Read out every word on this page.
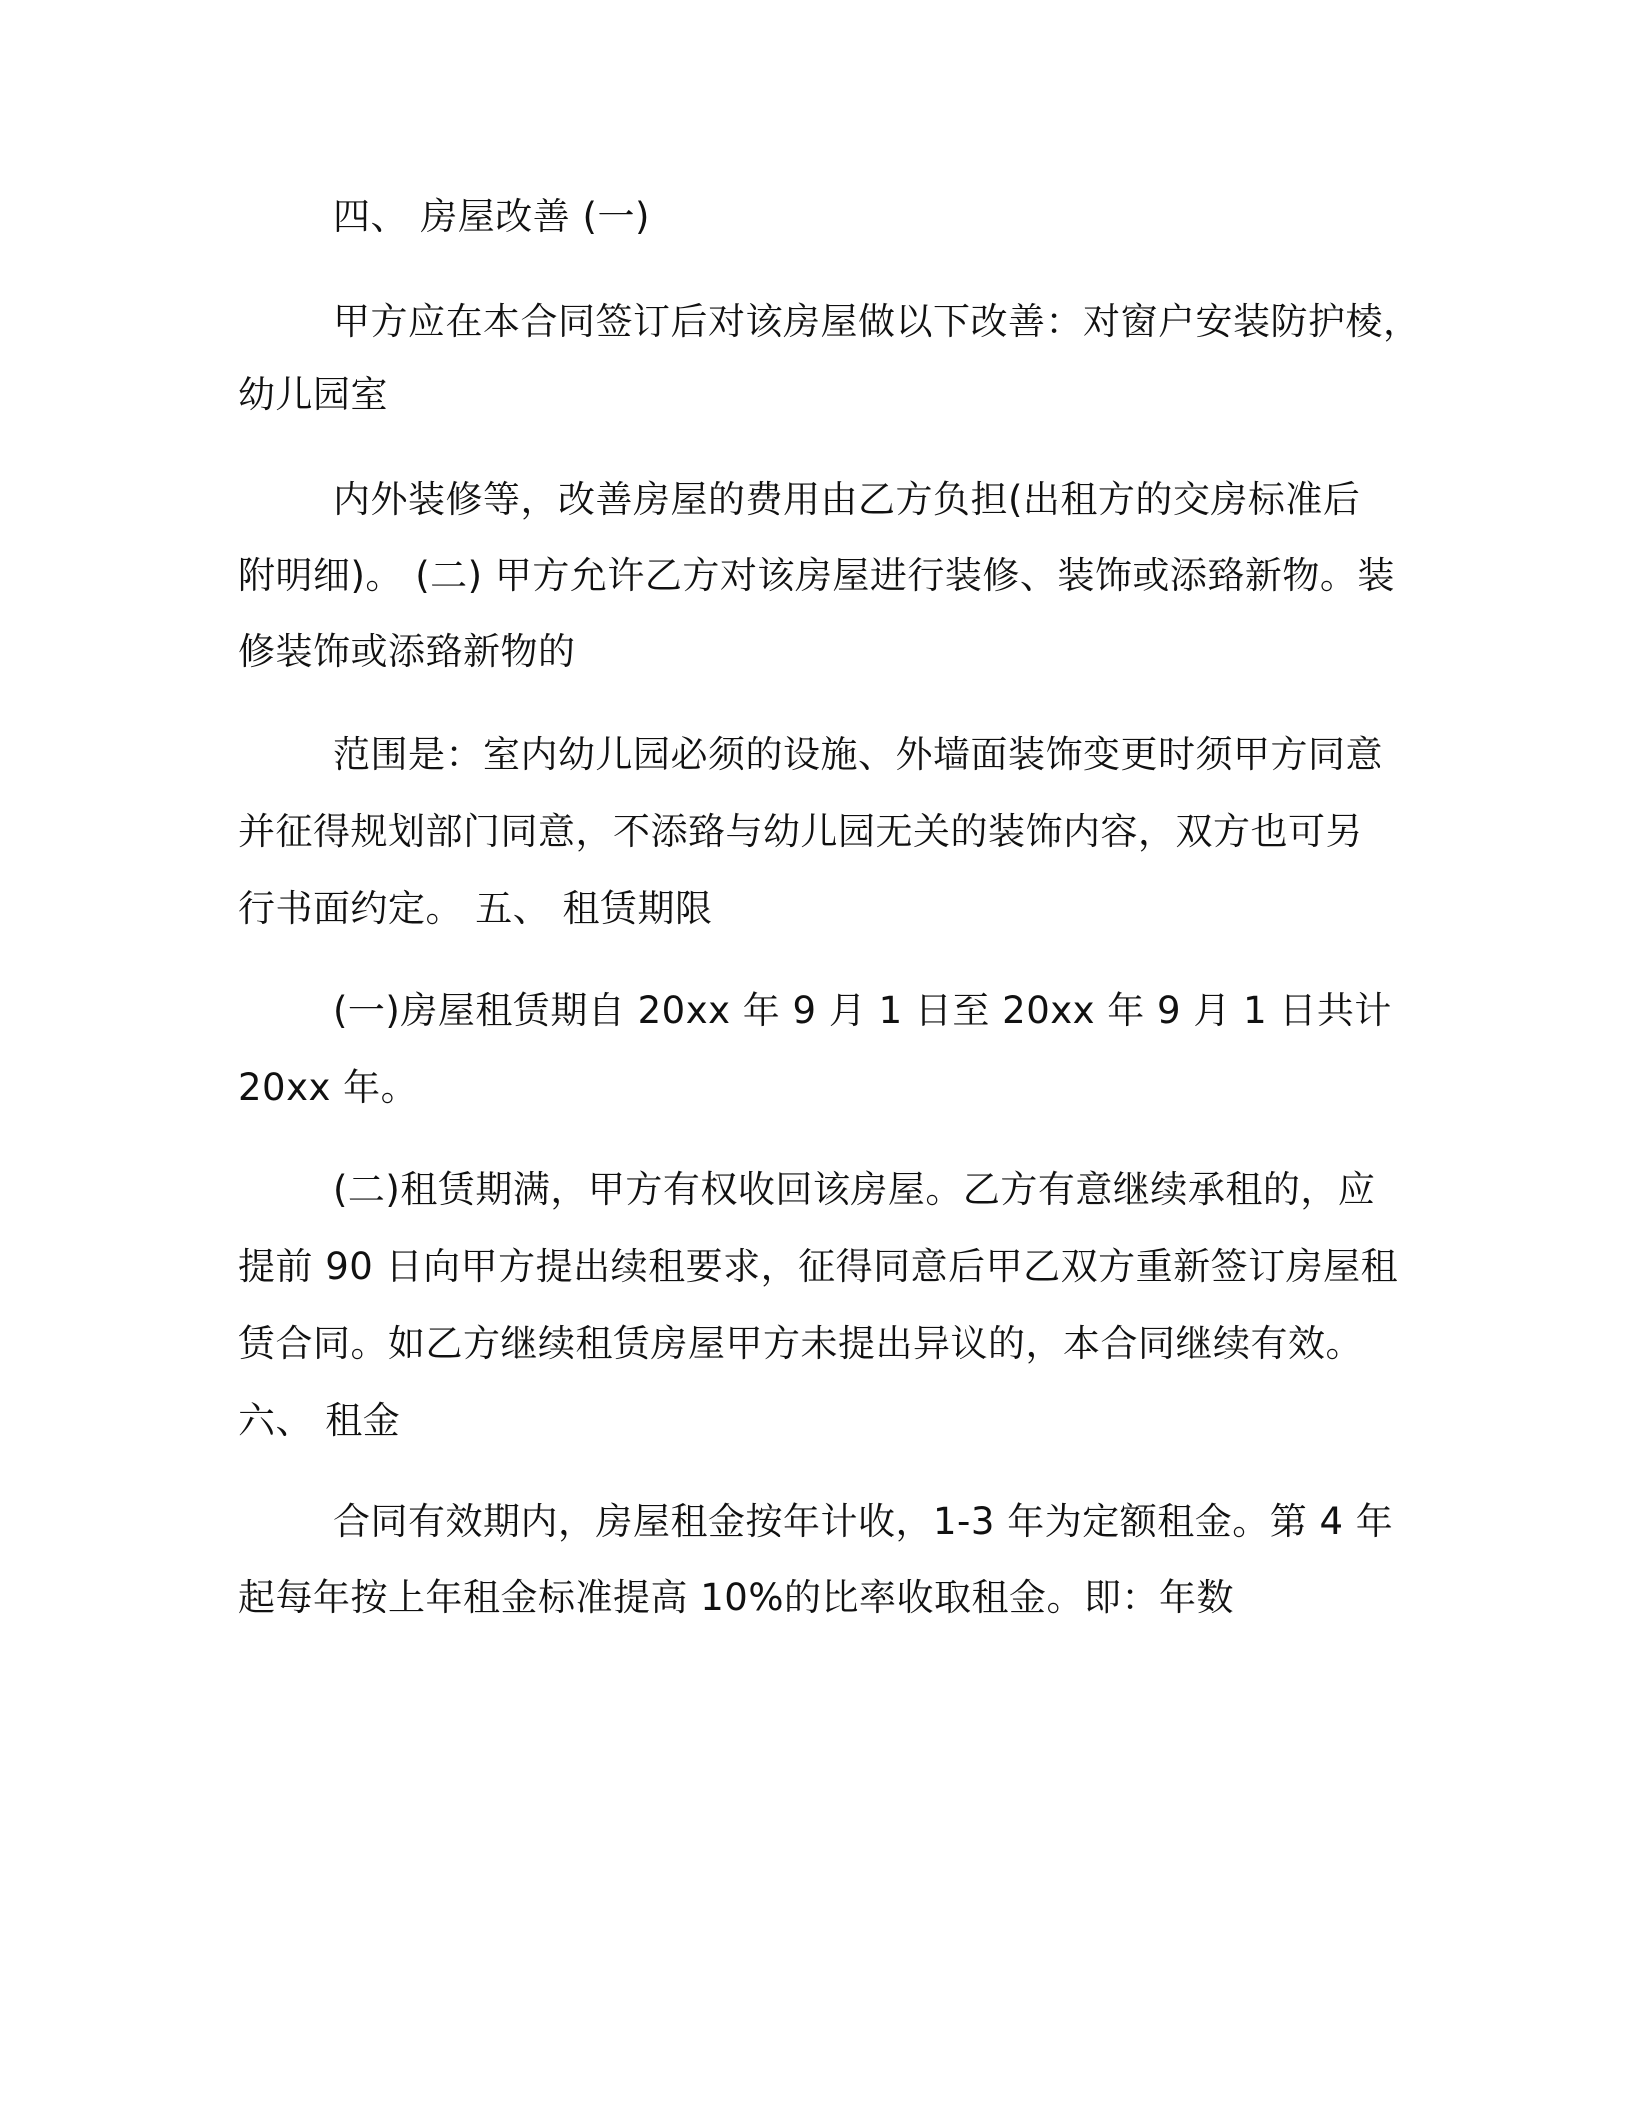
四、 房屋改善 (一)
甲方应在本合同签订后对该房屋做以下改善：对窗户安装防护棱，
幼儿园室
内外装修等，改善房屋的费用由乙方负担(出租方的交房标准后
附明细)。 (二) 甲方允许乙方对该房屋进行装修、装饰或添臵新物。装
修装饰或添臵新物的
范围是：室内幼儿园必须的设施、外墙面装饰变更时须甲方同意
并征得规划部门同意，不添臵与幼儿园无关的装饰内容，双方也可另
行书面约定。 五、 租赁期限
(一)房屋租赁期自 20xx 年 9 月 1 日至 20xx 年 9 月 1 日共计
20xx 年。
(二)租赁期满，甲方有权收回该房屋。乙方有意继续承租的，应
提前 90 日向甲方提出续租要求，征得同意后甲乙双方重新签订房屋租
赁合同。如乙方继续租赁房屋甲方未提出异议的，本合同继续有效。
六、 租金
合同有效期内，房屋租金按年计收，1-3 年为定额租金。第 4 年
起每年按上年租金标准提高 10%的比率收取租金。即：年数
